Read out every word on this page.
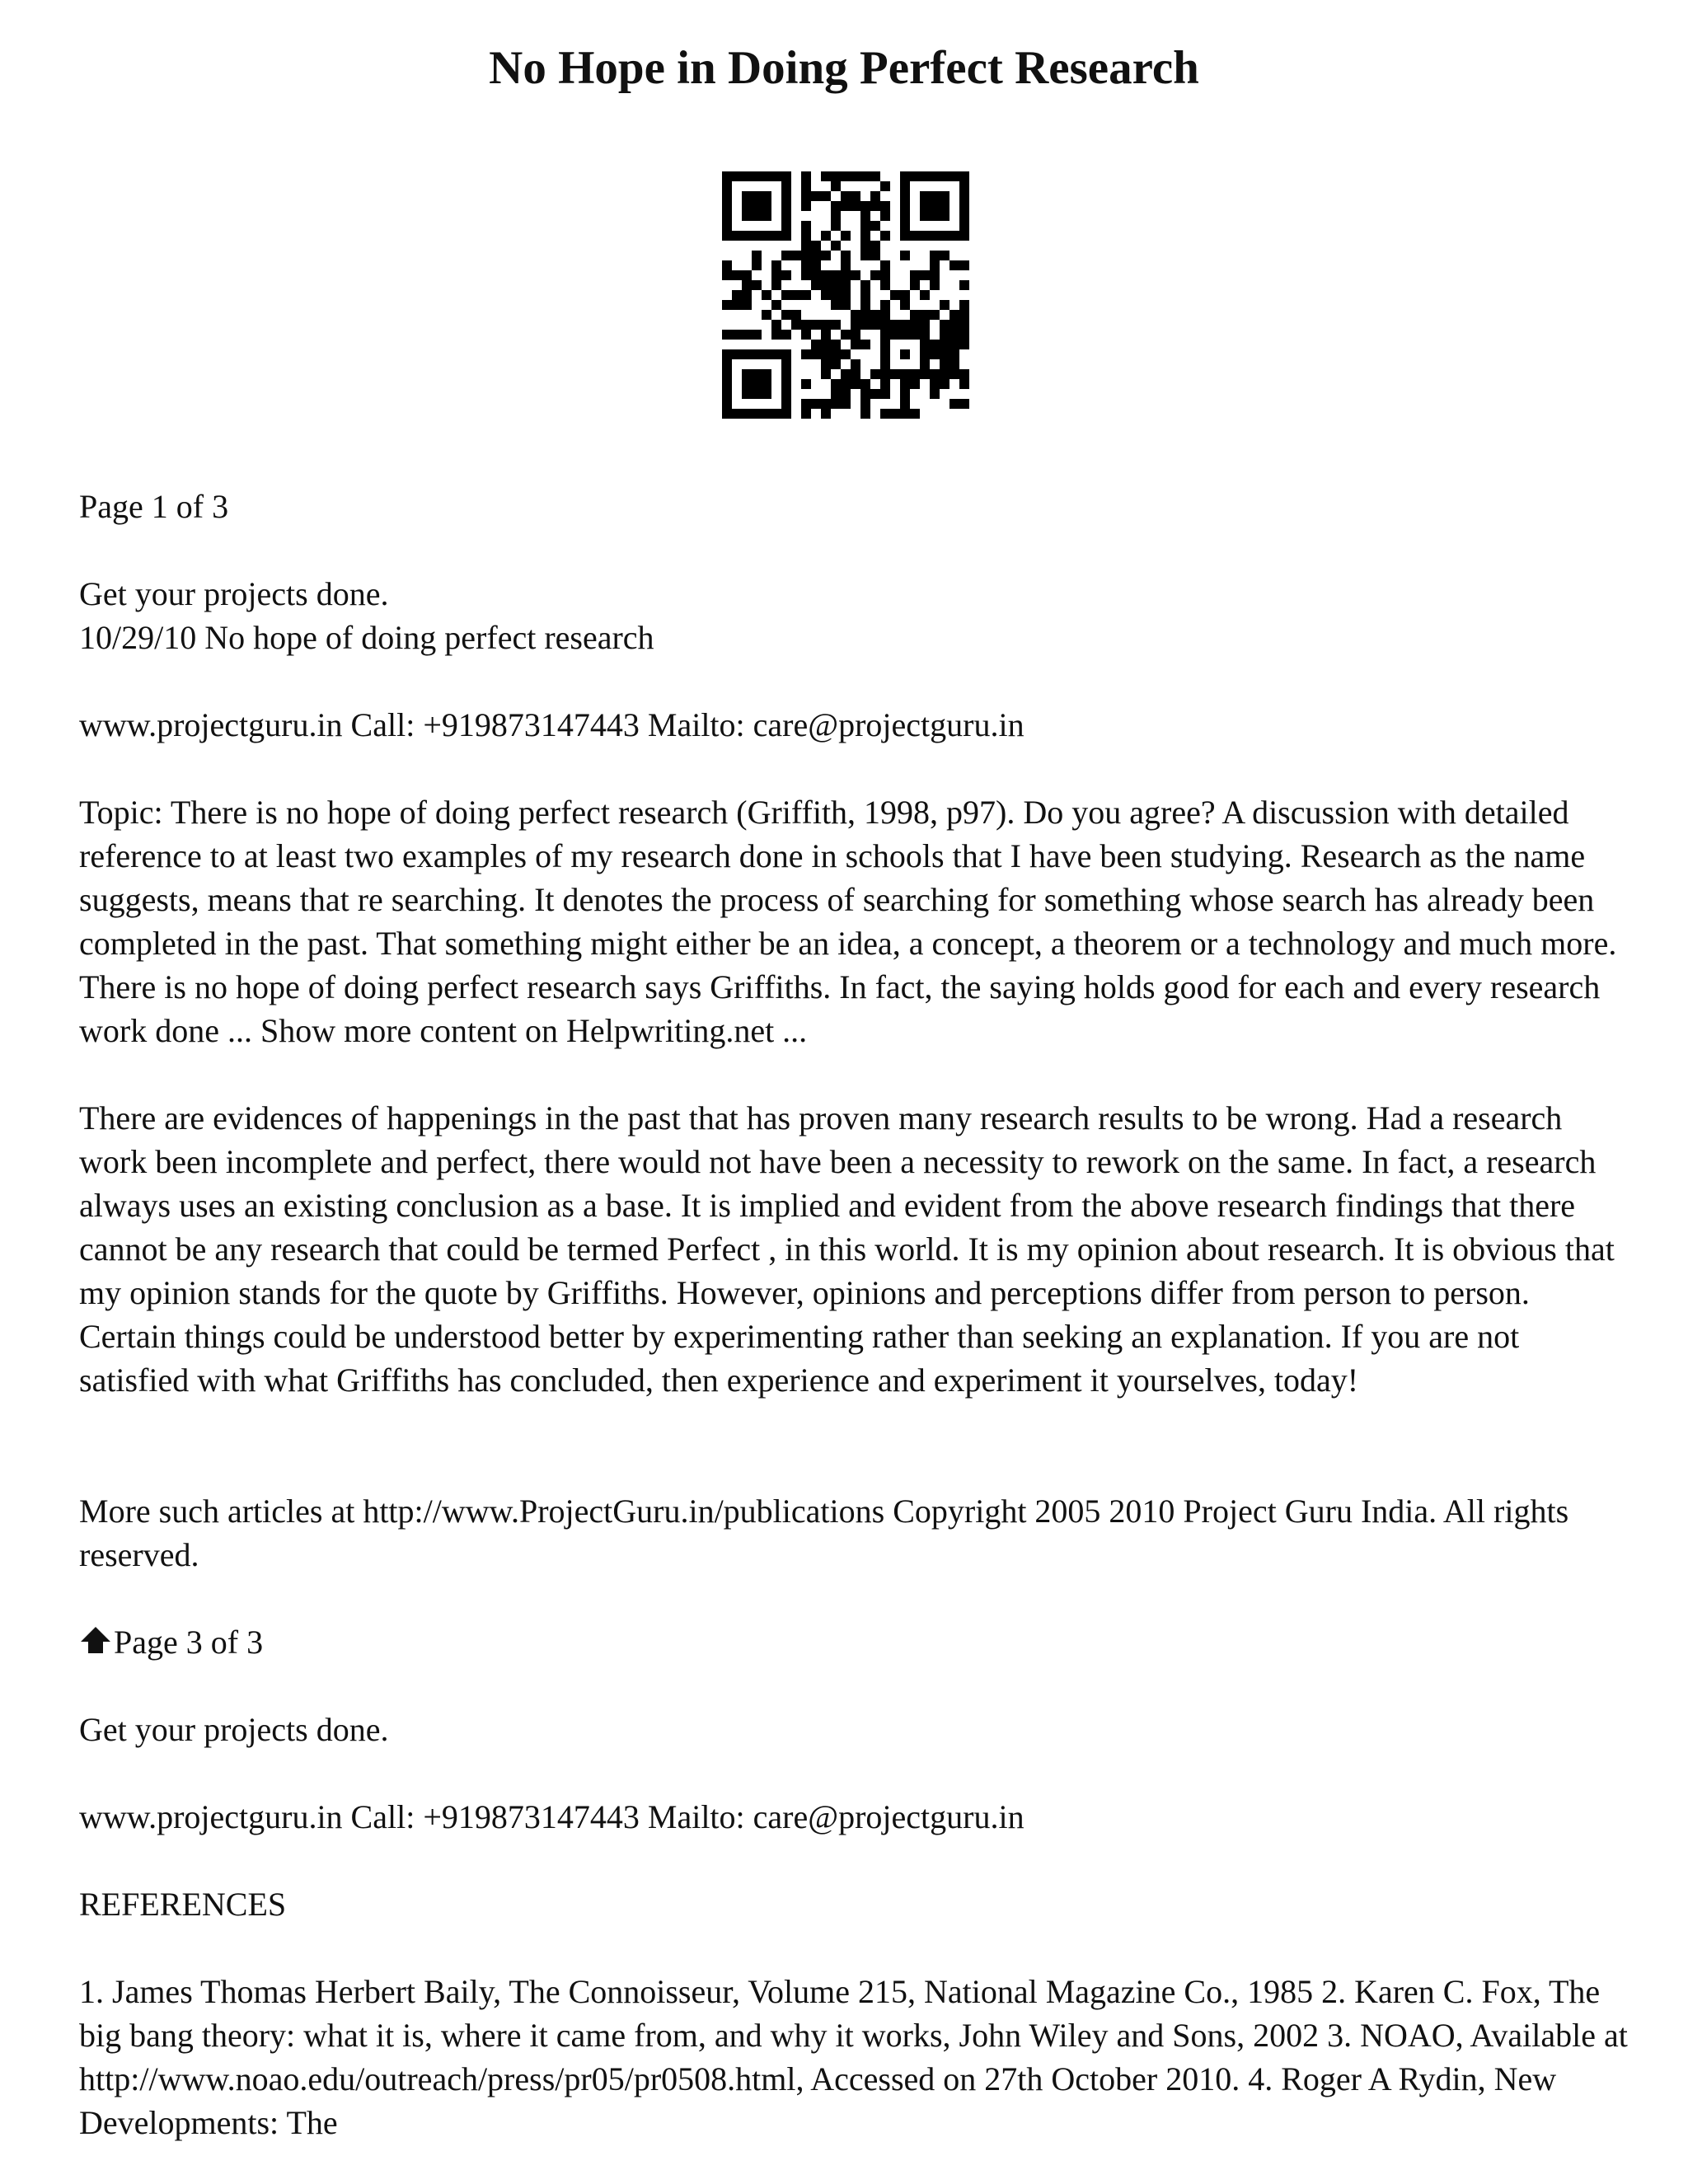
No Hope in Doing Perfect Research

Page 1 of 3

Get your projects done.

10/29/10 No hope of doing perfect research

www.projectguru.in Call: +919873147443 Mailto: care@projectguru.in

Topic: There is no hope of doing perfect research (Griffith, 1998, p97). Do you agree? A discussion with detailed reference to at least two examples of my research done in schools that I have been studying. Research as the name suggests, means that re searching. It denotes the process of searching for something whose search has already been completed in the past. That something might either be an idea, a concept, a theorem or a technology and much more. There is no hope of doing perfect research says Griffiths. In fact, the saying holds good for each and every research work done ... Show more content on Helpwriting.net ...

There are evidences of happenings in the past that has proven many research results to be wrong. Had a research work been incomplete and perfect, there would not have been a necessity to rework on the same. In fact, a research always uses an existing conclusion as a base. It is implied and evident from the above research findings that there cannot be any research that could be termed Perfect , in this world. It is my opinion about research. It is obvious that my opinion stands for the quote by Griffiths. However, opinions and perceptions differ from person to person. Certain things could be understood better by experimenting rather than seeking an explanation. If you are not satisfied with what Griffiths has concluded, then experience and experiment it yourselves, today!

More such articles at http://www.ProjectGuru.in/publications Copyright 2005 2010 Project Guru India. All rights reserved.

Page 3 of 3

Get your projects done.

www.projectguru.in Call: +919873147443 Mailto: care@projectguru.in

REFERENCES

1. James Thomas Herbert Baily, The Connoisseur, Volume 215, National Magazine Co., 1985 2. Karen C. Fox, The big bang theory: what it is, where it came from, and why it works, John Wiley and Sons, 2002 3. NOAO, Available at http://www.noao.edu/outreach/press/pr05/pr0508.html, Accessed on 27th October 2010. 4. Roger A Rydin, New Developments: The
